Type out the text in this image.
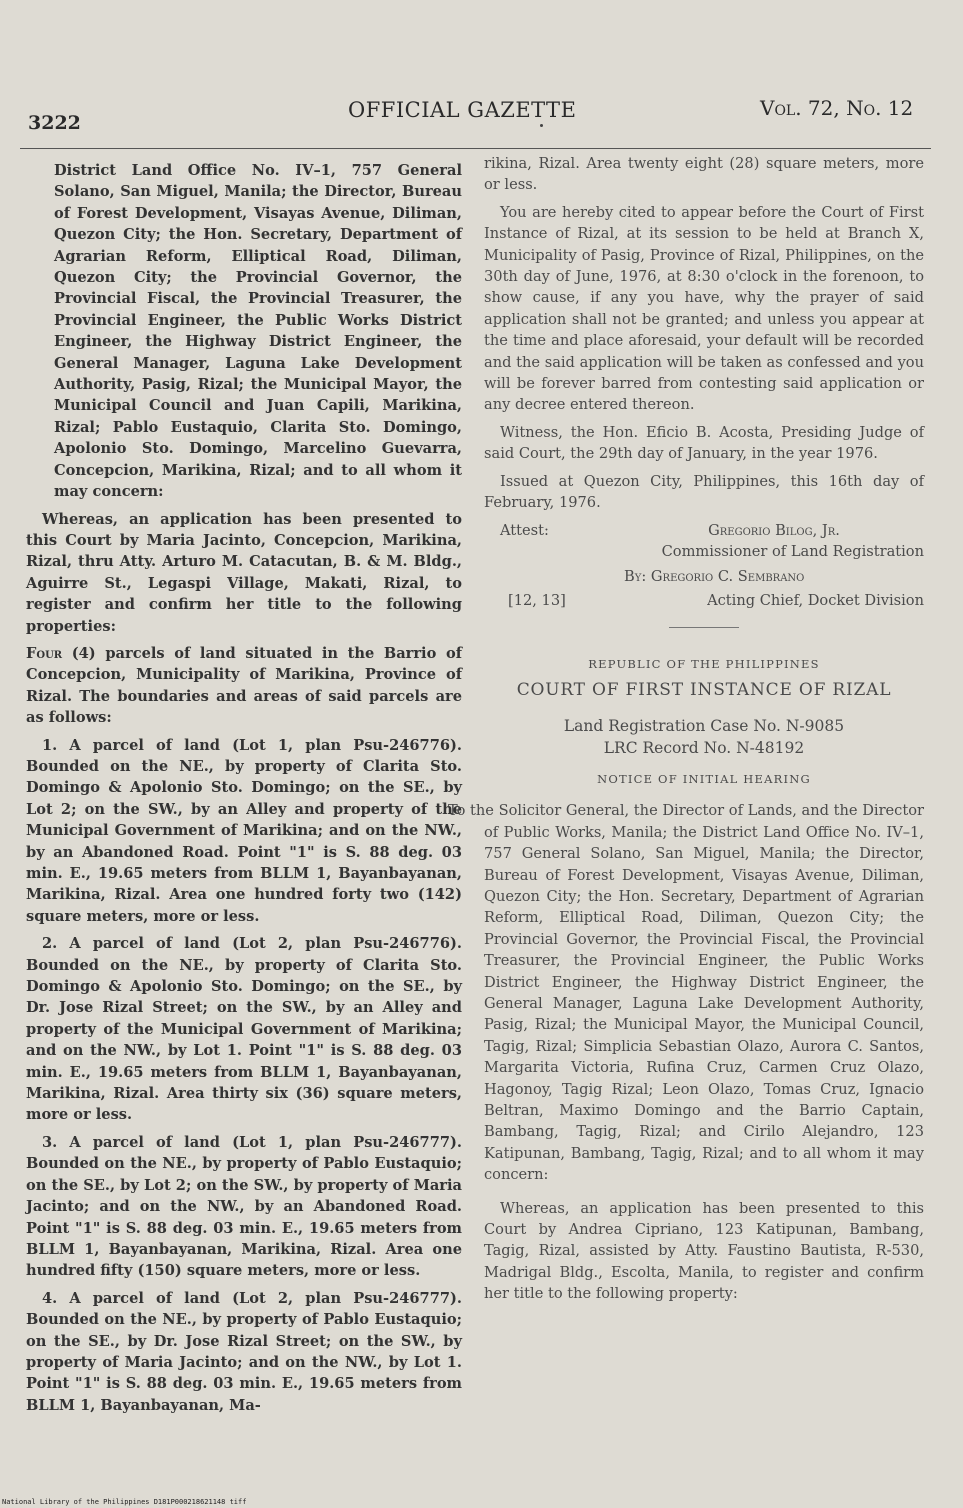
3222
OFFICIAL GAZETTE	Vol. 72, No. 12

District Land Office No. IV–1, 757 General Solano, San Miguel, Manila; the Director, Bureau of Forest Development, Visayas Avenue, Diliman, Quezon City; the Hon. Secretary, Department of Agrarian Reform, Elliptical Road, Diliman, Quezon City; the Provincial Governor, the Provincial Fiscal, the Provincial Treasurer, the Provincial Engineer, the Public Works District Engineer, the Highway District Engineer, the General Manager, Laguna Lake Development Authority, Pasig, Rizal; the Municipal Mayor, the Municipal Council and Juan Capili, Marikina, Rizal; Pablo Eustaquio, Clarita Sto. Domingo, Apolonio Sto. Domingo, Marcelino Guevarra, Concepcion, Marikina, Rizal; and to all whom it may concern:

Whereas, an application has been presented to this Court by Maria Jacinto, Concepcion, Marikina, Rizal, thru Atty. Arturo M. Catacutan, B. & M. Bldg., Aguirre St., Legaspi Village, Makati, Rizal, to register and confirm her title to the following properties:

Four (4) parcels of land situated in the Barrio of Concepcion, Municipality of Marikina, Province of Rizal. The boundaries and areas of said parcels are as follows:

1. A parcel of land (Lot 1, plan Psu-246776). Bounded on the NE., by property of Clarita Sto. Domingo & Apolonio Sto. Domingo; on the SE., by Lot 2; on the SW., by an Alley and property of the Municipal Government of Marikina; and on the NW., by an Abandoned Road. Point "1" is S. 88 deg. 03 min. E., 19.65 meters from BLLM 1, Bayanbayanan, Marikina, Rizal. Area one hundred forty two (142) square meters, more or less.

2. A parcel of land (Lot 2, plan Psu-246776). Bounded on the NE., by property of Clarita Sto. Domingo & Apolonio Sto. Domingo; on the SE., by Dr. Jose Rizal Street; on the SW., by an Alley and property of the Municipal Government of Marikina; and on the NW., by Lot 1. Point "1" is S. 88 deg. 03 min. E., 19.65 meters from BLLM 1, Bayanbayanan, Marikina, Rizal. Area thirty six (36) square meters, more or less.

3. A parcel of land (Lot 1, plan Psu-246777). Bounded on the NE., by property of Pablo Eustaquio; on the SE., by Lot 2; on the SW., by property of Maria Jacinto; and on the NW., by an Abandoned Road. Point "1" is S. 88 deg. 03 min. E., 19.65 meters from BLLM 1, Bayanbayanan, Marikina, Rizal. Area one hundred fifty (150) square meters, more or less.

4. A parcel of land (Lot 2, plan Psu-246777). Bounded on the NE., by property of Pablo Eustaquio; on the SE., by Dr. Jose Rizal Street; on the SW., by property of Maria Jacinto; and on the NW., by Lot 1. Point "1" is S. 88 deg. 03 min. E., 19.65 meters from BLLM 1, Bayanbayanan, Ma-

rikina, Rizal. Area twenty eight (28) square meters, more or less.

You are hereby cited to appear before the Court of First Instance of Rizal, at its session to be held at Branch X, Municipality of Pasig, Province of Rizal, Philippines, on the 30th day of June, 1976, at 8:30 o'clock in the forenoon, to show cause, if any you have, why the prayer of said application shall not be granted; and unless you appear at the time and place aforesaid, your default will be recorded and the said application will be taken as confessed and you will be forever barred from contesting said application or any decree entered thereon.

Witness, the Hon. Eficio B. Acosta, Presiding Judge of said Court, the 29th day of January, in the year 1976.

Issued at Quezon City, Philippines, this 16th day of February, 1976.

Attest:	Gregorio Bilog, Jr.
Commissioner of Land Registration
By: Gregorio C. Sembrano
[12, 13]	Acting Chief, Docket Division
REPUBLIC OF THE PHILIPPINES
COURT OF FIRST INSTANCE OF RIZAL
Land Registration Case No. N-9085
LRC Record No. N-48192
NOTICE OF INITIAL HEARING

To the Solicitor General, the Director of Lands, and the Director of Public Works, Manila; the District Land Office No. IV–1, 757 General Solano, San Miguel, Manila; the Director, Bureau of Forest Development, Visayas Avenue, Diliman, Quezon City; the Hon. Secretary, Department of Agrarian Reform, Elliptical Road, Diliman, Quezon City; the Provincial Governor, the Provincial Fiscal, the Provincial Treasurer, the Provincial Engineer, the Public Works District Engineer, the Highway District Engineer, the General Manager, Laguna Lake Development Authority, Pasig, Rizal; the Municipal Mayor, the Municipal Council, Tagig, Rizal; Simplicia Sebastian Olazo, Aurora C. Santos, Margarita Victoria, Rufina Cruz, Carmen Cruz Olazo, Hagonoy, Tagig Rizal; Leon Olazo, Tomas Cruz, Ignacio Beltran, Maximo Domingo and the Barrio Captain, Bambang, Tagig, Rizal; and Cirilo Alejandro, 123 Katipunan, Bambang, Tagig, Rizal; and to all whom it may concern:

Whereas, an application has been presented to this Court by Andrea Cipriano, 123 Katipunan, Bambang, Tagig, Rizal, assisted by Atty. Faustino Bautista, R-530, Madrigal Bldg., Escolta, Manila, to register and confirm her title to the following property:

National Library of the Philippines D181P000218621148 tiff
